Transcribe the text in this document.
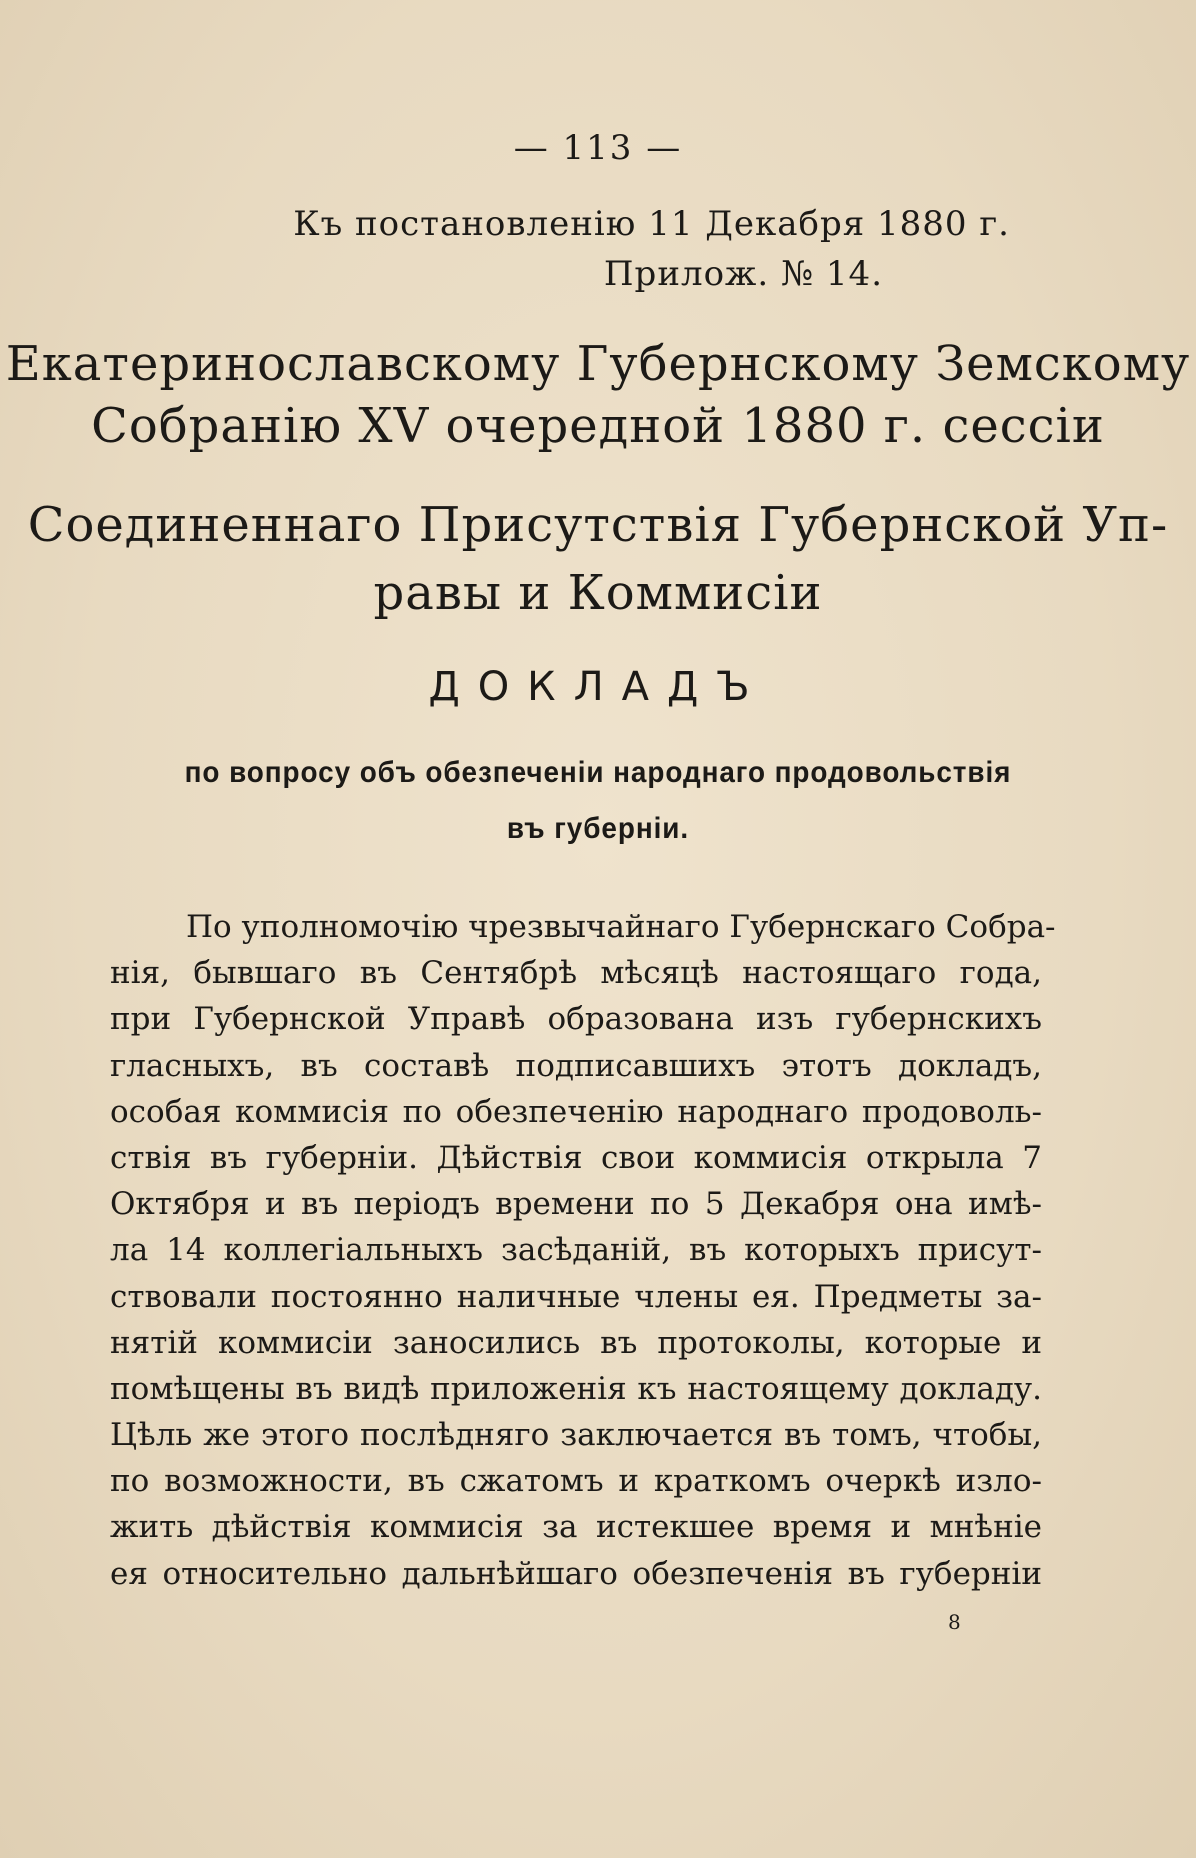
— 113 —
Къ постановленію 11 Декабря 1880 г.
Прилож. № 14.
Екатеринославскому Губернскому Земскому
Собранію XV очередной 1880 г. сессіи
Соединеннаго Присутствія Губернской Уп-
равы и Коммисіи
ДОКЛАДЪ
по вопросу объ обезпеченіи народнаго продовольствія
въ губерніи.
По уполномочію чрезвычайнаго Губернскаго Собра-
нія, бывшаго въ Сентябрѣ мѣсяцѣ настоящаго года,
при Губернской Управѣ образована изъ губернскихъ
гласныхъ, въ составѣ подписавшихъ этотъ докладъ,
особая коммисія по обезпеченію народнаго продоволь-
ствія въ губерніи. Дѣйствія свои коммисія открыла 7
Октября и въ періодъ времени по 5 Декабря она имѣ-
ла 14 коллегіальныхъ засѣданій, въ которыхъ присут-
ствовали постоянно наличные члены ея. Предметы за-
нятій коммисіи заносились въ протоколы, которые и
помѣщены въ видѣ приложенія къ настоящему докладу.
Цѣль же этого послѣдняго заключается въ томъ, чтобы,
по возможности, въ сжатомъ и краткомъ очеркѣ изло-
жить дѣйствія коммисія за истекшее время и мнѣніе
ея относительно дальнѣйшаго обезпеченія въ губерніи
8
